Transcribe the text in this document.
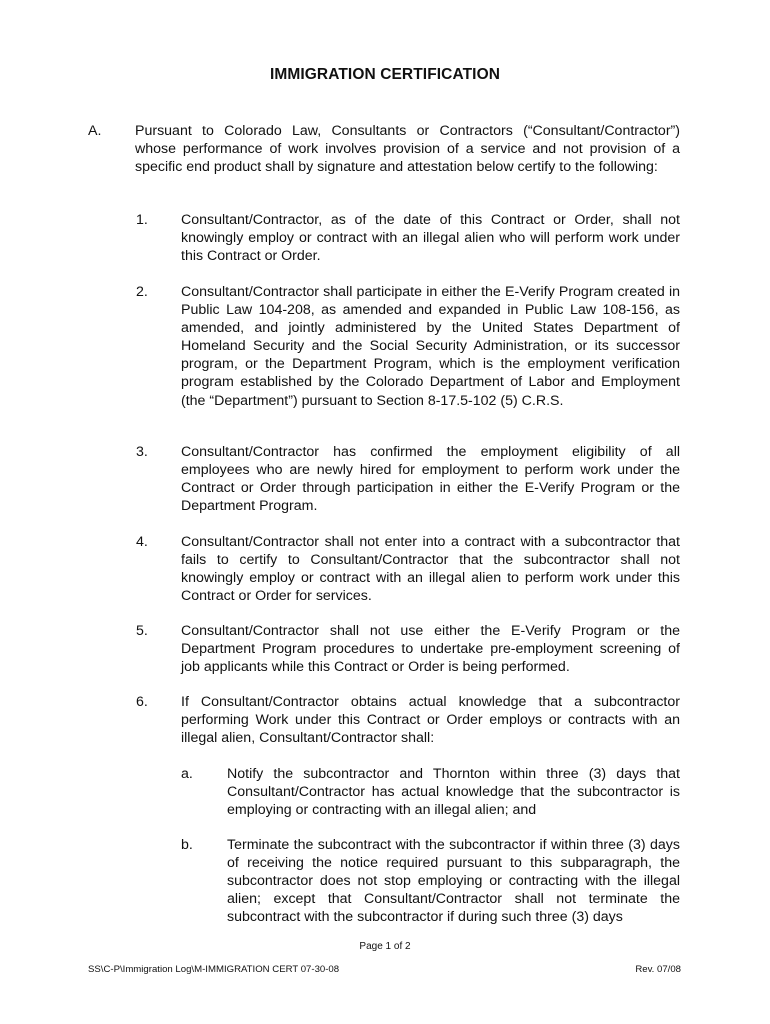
IMMIGRATION CERTIFICATION
A. Pursuant to Colorado Law, Consultants or Contractors (“Consultant/Contractor”) whose performance of work involves provision of a service and not provision of a specific end product shall by signature and attestation below certify to the following:
1. Consultant/Contractor, as of the date of this Contract or Order, shall not knowingly employ or contract with an illegal alien who will perform work under this Contract or Order.
2. Consultant/Contractor shall participate in either the E-Verify Program created in Public Law 104-208, as amended and expanded in Public Law 108-156, as amended, and jointly administered by the United States Department of Homeland Security and the Social Security Administration, or its successor program, or the Department Program, which is the employment verification program established by the Colorado Department of Labor and Employment (the “Department”) pursuant to Section 8-17.5-102 (5) C.R.S.
3. Consultant/Contractor has confirmed the employment eligibility of all employees who are newly hired for employment to perform work under the Contract or Order through participation in either the E-Verify Program or the Department Program.
4. Consultant/Contractor shall not enter into a contract with a subcontractor that fails to certify to Consultant/Contractor that the subcontractor shall not knowingly employ or contract with an illegal alien to perform work under this Contract or Order for services.
5. Consultant/Contractor shall not use either the E-Verify Program or the Department Program procedures to undertake pre-employment screening of job applicants while this Contract or Order is being performed.
6. If Consultant/Contractor obtains actual knowledge that a subcontractor performing Work under this Contract or Order employs or contracts with an illegal alien, Consultant/Contractor shall:
a. Notify the subcontractor and Thornton within three (3) days that Consultant/Contractor has actual knowledge that the subcontractor is employing or contracting with an illegal alien; and
b. Terminate the subcontract with the subcontractor if within three (3) days of receiving the notice required pursuant to this subparagraph, the subcontractor does not stop employing or contracting with the illegal alien; except that Consultant/Contractor shall not terminate the subcontract with the subcontractor if during such three (3) days
Page 1 of 2
SS\C-P\Immigration Log\M-IMMIGRATION CERT 07-30-08	Rev. 07/08
